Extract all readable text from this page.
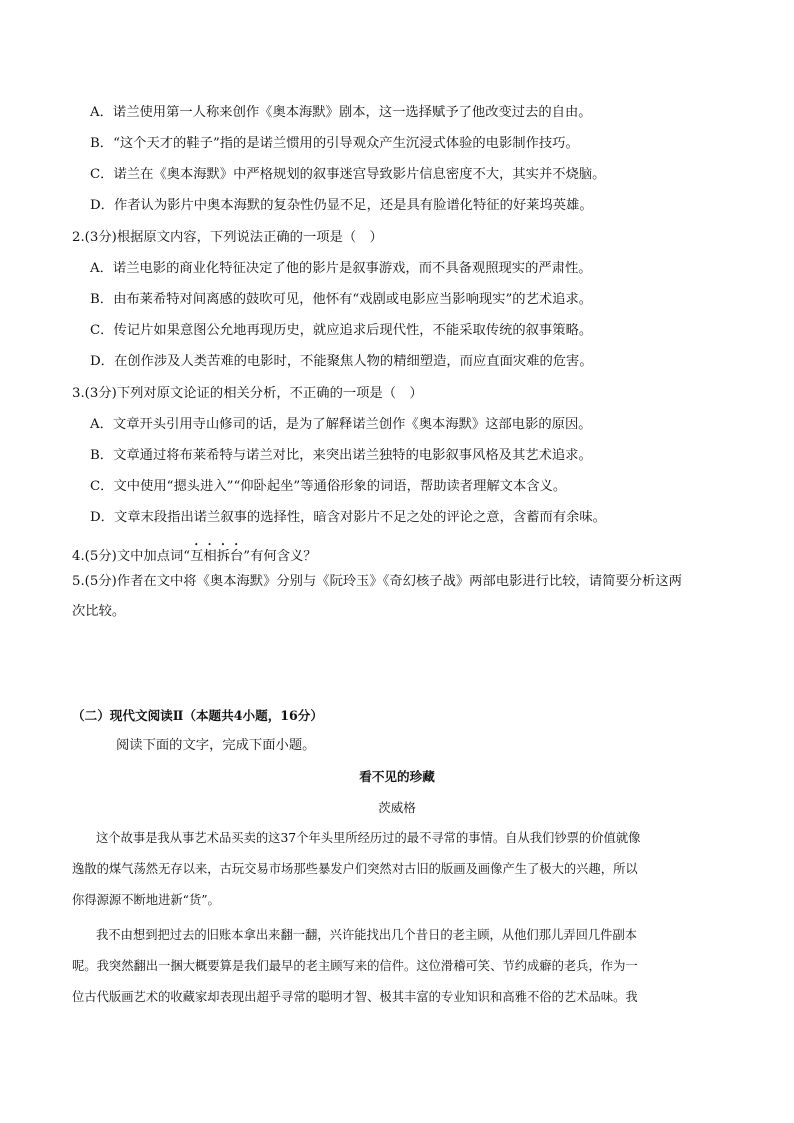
A．诺兰使用第一人称来创作《奥本海默》剧本，这一选择赋予了他改变过去的自由。
B．“这个天才的鞋子”指的是诺兰惯用的引导观众产生沉浸式体验的电影制作技巧。
C．诺兰在《奥本海默》中严格规划的叙事迷宫导致影片信息密度不大，其实并不烧脑。
D．作者认为影片中奥本海默的复杂性仍显不足，还是具有脸谱化特征的好莱坞英雄。
2.(3分)根据原文内容，下列说法正确的一项是（　）
A．诺兰电影的商业化特征决定了他的影片是叙事游戏，而不具备观照现实的严肃性。
B．由布莱希特对间离感的鼓吹可见，他怀有“戏剧或电影应当影响现实”的艺术追求。
C．传记片如果意图公允地再现历史，就应追求后现代性，不能采取传统的叙事策略。
D．在创作涉及人类苦难的电影时，不能聚焦人物的精细塑造，而应直面灾难的危害。
3.(3分)下列对原文论证的相关分析，不正确的一项是（　）
A．文章开头引用寺山修司的话，是为了解释诺兰创作《奥本海默》这部电影的原因。
B．文章通过将布莱希特与诺兰对比，来突出诺兰独特的电影叙事风格及其艺术追求。
C．文中使用“摁头进入”“仰卧起坐”等通俗形象的词语，帮助读者理解文本含义。
D．文章末段指出诺兰叙事的选择性，暗含对影片不足之处的评论之意，含蓄而有余味。
4.(5分)文中加点词“互相拆台”有何含义？
5.(5分)作者在文中将《奥本海默》分别与《阮玲玉》《奇幻核子战》两部电影进行比较，请简要分析这两
次比较。
（二）现代文阅读Ⅱ（本题共4小题，16分）
阅读下面的文字，完成下面小题。
看不见的珍藏
茨威格
这个故事是我从事艺术品买卖的这37个年头里所经历过的最不寻常的事情。自从我们钞票的价值就像
逸散的煤气荡然无存以来，古玩交易市场那些暴发户们突然对古旧的版画及画像产生了极大的兴趣，所以
你得源源不断地进新“货”。
我不由想到把过去的旧账本拿出来翻一翻，兴许能找出几个昔日的老主顾，从他们那儿弄回几件副本
呢。我突然翻出一捆大概要算是我们最早的老主顾写来的信件。这位滑稽可笑、节约成癖的老兵，作为一
位古代版画艺术的收藏家却表现出超乎寻常的聪明才智、极其丰富的专业知识和高雅不俗的艺术品味。我
